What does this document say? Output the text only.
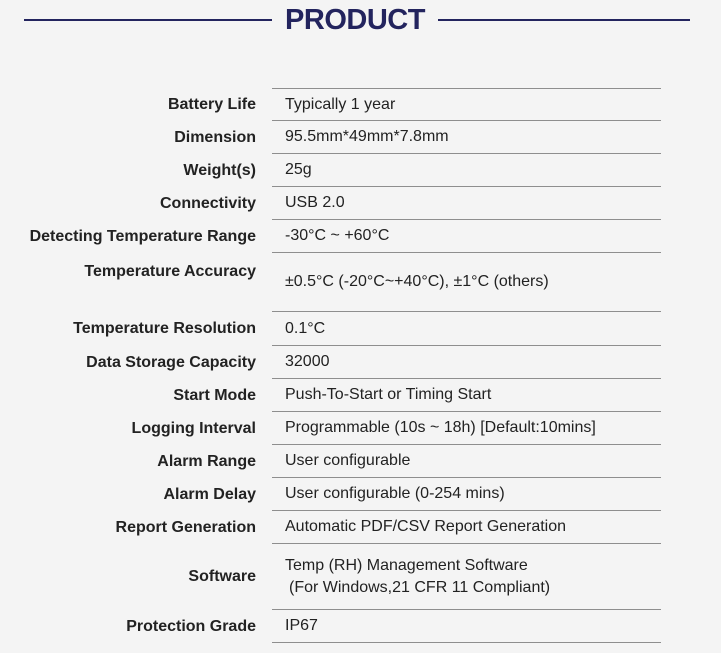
PRODUCT
Battery Life Typically 1 year
Dimension 95.5mm*49mm*7.8mm
Weight(s) 25g
Connectivity USB 2.0
Detecting Temperature Range -30°C ~ +60°C
Temperature Accuracy
±0.5°C (-20°C~+40°C), ±1°C (others)
Temperature Resolution 0.1°C
Data Storage Capacity 32000
Start Mode Push-To-Start or Timing Start
Logging Interval Programmable (10s ~ 18h) [Default:10mins]
Alarm Range User configurable
Alarm Delay User configurable (0-254 mins)
Report Generation Automatic PDF/CSV Report Generation
Software
Temp (RH) Management Software
(For Windows,21 CFR 11 Compliant)
Protection Grade IP67
